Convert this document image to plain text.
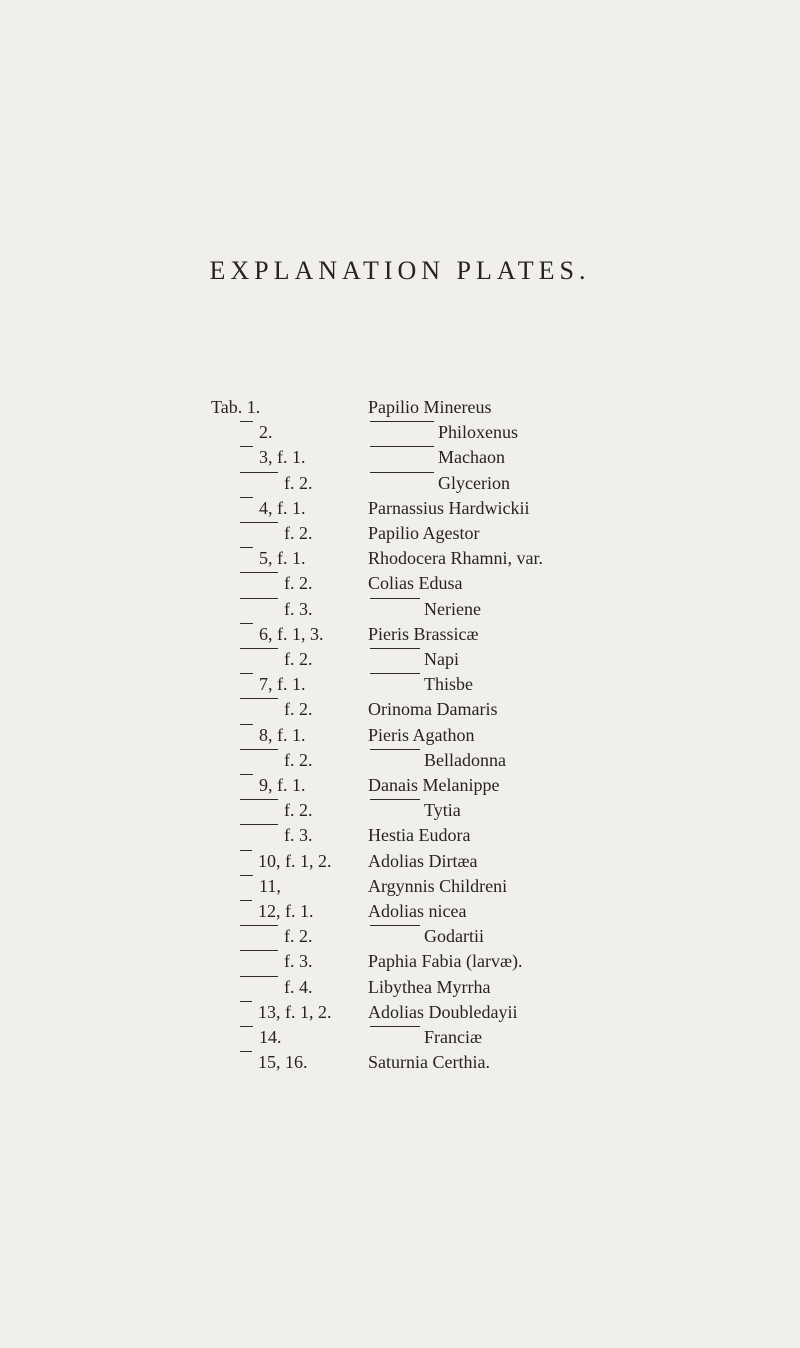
EXPLANATION PLATES.
Tab. 1.	Papilio Minereus
2.	Philoxenus
3, f. 1.	Machaon
f. 2.	Glycerion
4, f. 1.	Parnassius Hardwickii
f. 2.	Papilio Agestor
5, f. 1.	Rhodocera Rhamni, var.
f. 2.	Colias Edusa
f. 3.	Neriene
6, f. 1, 3. Pieris Brassicæ
f. 2.	Napi
7, f. 1.	Thisbe
f. 2.	Orinoma Damaris
8, f. 1.	Pieris Agathon
f. 2.	Belladonna
9, f. 1.	Danais Melanippe
f. 2.	Tytia
f. 3.	Hestia Eudora
10, f. 1, 2. Adolias Dirtæa
11,	Argynnis Childreni
12, f. 1.	Adolias nicea
f. 2.	Godartii
f. 3.	Paphia Fabia (larvæ).
f. 4.	Libythea Myrrha
13, f. 1, 2. Adolias Doubledayii
14.	Franciæ
15, 16.	Saturnia Certhia.
